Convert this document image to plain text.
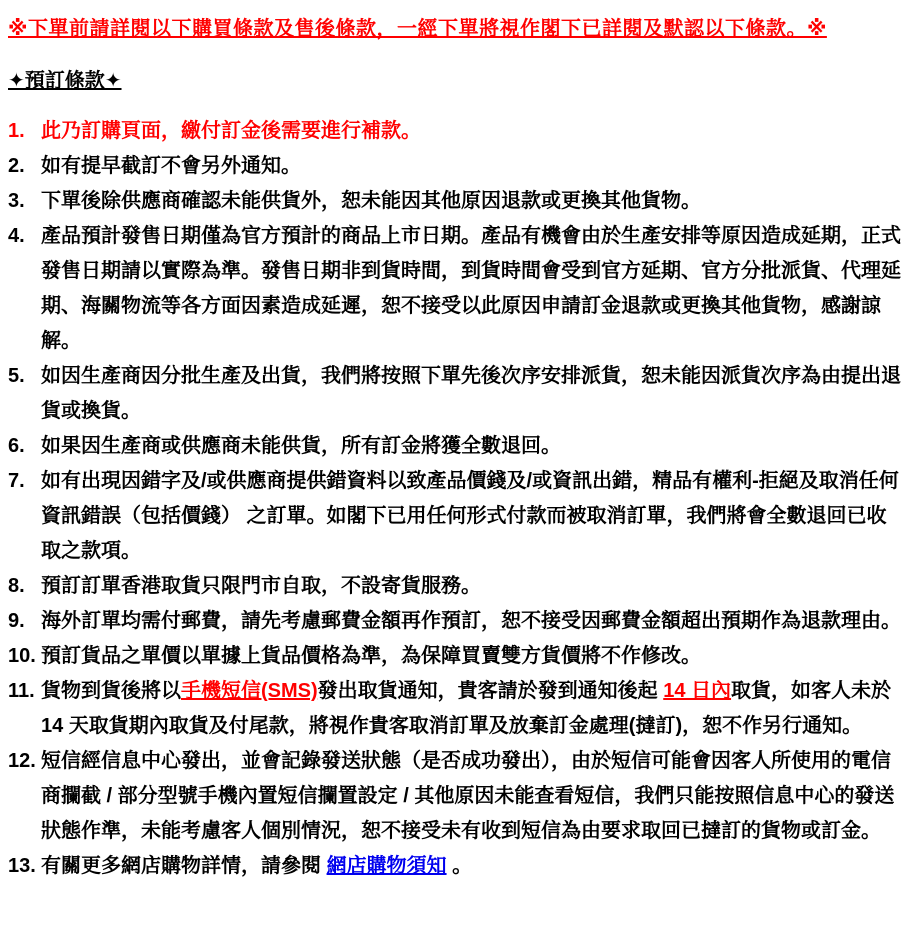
※下單前請詳閱以下購買條款及售後條款，一經下單將視作閣下已詳閱及默認以下條款。※
✦預訂條款✦
1. 此乃訂購頁面，繳付訂金後需要進行補款。
2. 如有提早截訂不會另外通知。
3. 下單後除供應商確認未能供貨外，恕未能因其他原因退款或更換其他貨物。
4. 產品預計發售日期僅為官方預計的商品上市日期。產品有機會由於生產安排等原因造成延期，正式發售日期請以實際為準。發售日期非到貨時間，到貨時間會受到官方延期、官方分批派貨、代理延期、海關物流等各方面因素造成延遲，恕不接受以此原因申請訂金退款或更換其他貨物，感謝諒解。
5. 如因生產商因分批生產及出貨，我們將按照下單先後次序安排派貨，恕未能因派貨次序為由提出退貨或換貨。
6. 如果因生產商或供應商未能供貨，所有訂金將獲全數退回。
7. 如有出現因錯字及/或供應商提供錯資料以致產品價錢及/或資訊出錯，精品有權利-拒絕及取消任何資訊錯誤（包括價錢） 之訂單。如閣下已用任何形式付款而被取消訂單，我們將會全數退回已收取之款項。
8. 預訂訂單香港取貨只限門市自取，不設寄貨服務。
9. 海外訂單均需付郵費，請先考慮郵費金額再作預訂，恕不接受因郵費金額超出預期作為退款理由。
10. 預訂貨品之單價以單據上貨品價格為準，為保障買賣雙方貨價將不作修改。
11. 貨物到貨後將以手機短信(SMS)發出取貨通知，貴客請於發到通知後起 14 日內取貨，如客人未於 14 天取貨期內取貨及付尾款，將視作貴客取消訂單及放棄訂金處理(撻訂)，恕不作另行通知。
12. 短信經信息中心發出，並會記錄發送狀態（是否成功發出），由於短信可能會因客人所使用的電信商攔截 / 部分型號手機內置短信攔置設定 / 其他原因未能查看短信，我們只能按照信息中心的發送狀態作準，未能考慮客人個別情況，恕不接受未有收到短信為由要求取回已撻訂的貨物或訂金。
13. 有關更多網店購物詳情，請參閱 網店購物須知 。
